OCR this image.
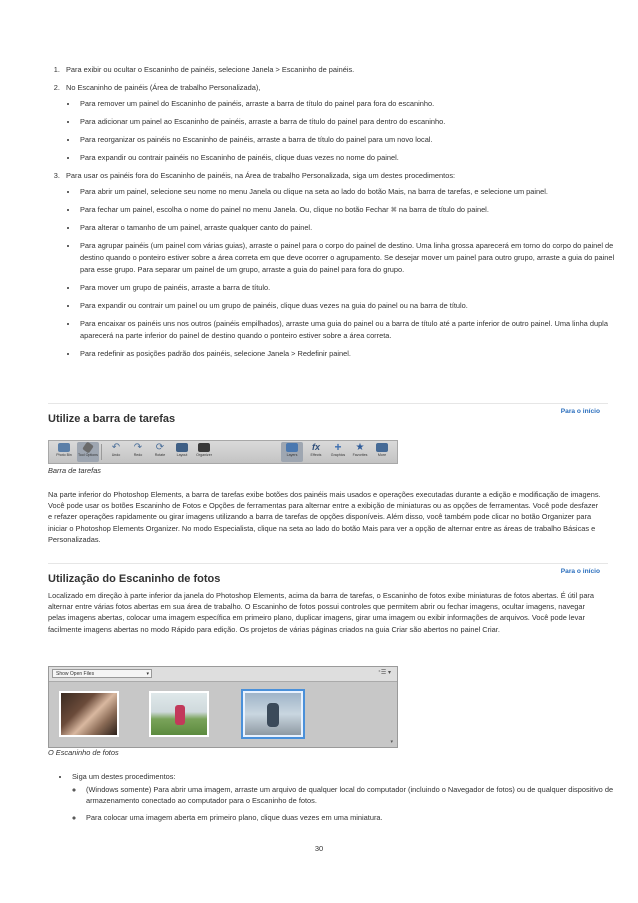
1. Para exibir ou ocultar o Escaninho de painéis, selecione Janela > Escaninho de painéis.
2. No Escaninho de painéis (Área de trabalho Personalizada),
• Para remover um painel do Escaninho de painéis, arraste a barra de título do painel para fora do escaninho.
• Para adicionar um painel ao Escaninho de painéis, arraste a barra de título do painel para dentro do escaninho.
• Para reorganizar os painéis no Escaninho de painéis, arraste a barra de título do painel para um novo local.
• Para expandir ou contrair painéis no Escaninho de painéis, clique duas vezes no nome do painel.
3. Para usar os painéis fora do Escaninho de painéis, na Área de trabalho Personalizada, siga um destes procedimentos:
• Para abrir um painel, selecione seu nome no menu Janela ou clique na seta ao lado do botão Mais, na barra de tarefas, e selecione um painel.
• Para fechar um painel, escolha o nome do painel no menu Janela. Ou, clique no botão Fechar ✖ na barra de título do painel.
• Para alterar o tamanho de um painel, arraste qualquer canto do painel.
• Para agrupar painéis (um painel com várias guias), arraste o painel para o corpo do painel de destino. Uma linha grossa aparecerá em torno do corpo do painel de destino quando o ponteiro estiver sobre a área correta em que deve ocorrer o agrupamento. Se desejar mover um painel para outro grupo, arraste a guia do painel para esse grupo. Para separar um painel de um grupo, arraste a guia do painel para fora do grupo.
• Para mover um grupo de painéis, arraste a barra de título.
• Para expandir ou contrair um painel ou um grupo de painéis, clique duas vezes na guia do painel ou na barra de título.
• Para encaixar os painéis uns nos outros (painéis empilhados), arraste uma guia do painel ou a barra de título até a parte inferior de outro painel. Uma linha dupla aparecerá na parte inferior do painel de destino quando o ponteiro estiver sobre a área correta.
• Para redefinir as posições padrão dos painéis, selecione Janela > Redefinir painel.
Para o início
Utilize a barra de tarefas
Photo Bin	Tool Options
↶
Undo
↷
Redo
⟳
Rotate	Layout	Organizer	Layers
fx
Effects
+
Graphics
★
Favorites	More
Barra de tarefas

Na parte inferior do Photoshop Elements, a barra de tarefas exibe botões dos painéis mais usados e operações executadas durante a edição e modificação de imagens. Você pode usar os botões Escaninho de Fotos e Opções de ferramentas para alternar entre a exibição de miniaturas ou as opções de ferramentas. Você pode desfazer e refazer operações rapidamente ou girar imagens utilizando a barra de tarefas de opções disponíveis. Além disso, você também pode clicar no botão Organizer para iniciar o Photoshop Elements Organizer. No modo Especialista, clique na seta ao lado do botão Mais para ver a opção de alternar entre as áreas de trabalho Básicas e Personalizadas.

Para o início
Utilização do Escaninho de fotos

Localizado em direção à parte inferior da janela do Photoshop Elements, acima da barra de tarefas, o Escaninho de fotos exibe miniaturas de fotos abertas. É útil para alternar entre várias fotos abertas em sua área de trabalho. O Escaninho de fotos possui controles que permitem abrir ou fechar imagens, ocultar imagens, navegar pelas imagens abertas, colocar uma imagem específica em primeiro plano, duplicar imagens, girar uma imagem ou exibir informações de arquivos. Você pode levar facilmente imagens abertas no modo Rápido para edição. Os projetos de várias páginas criados na guia Criar são abertos no painel Criar.

Show Open Files	▾	⁺☰ ▾
▾
O Escaninho de fotos
• Siga um destes procedimentos:
◦ (Windows somente) Para abrir uma imagem, arraste um arquivo de qualquer local do computador (incluindo o Navegador de fotos) ou de qualquer dispositivo de armazenamento conectado ao computador para o Escaninho de fotos.
◦ Para colocar uma imagem aberta em primeiro plano, clique duas vezes em uma miniatura.
30
